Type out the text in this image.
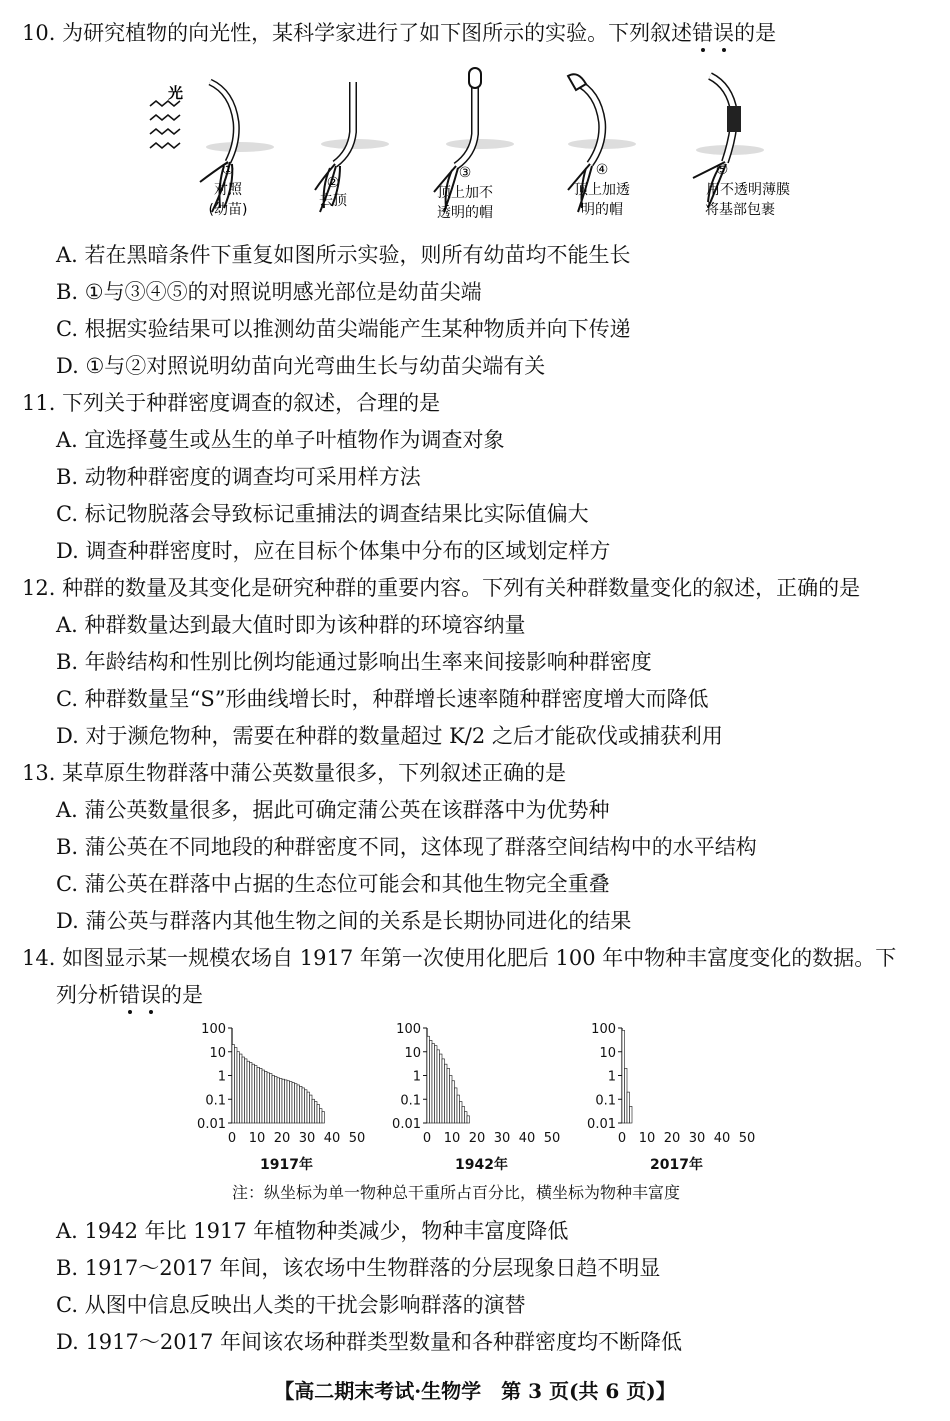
10. 为研究植物的向光性，某科学家进行了如下图所示的实验。下列叙述错误
的是
光
①
对照
(幼苗)
②
去顶
③
顶上加不
透明的帽
④
顶上加透
明的帽
⑤
用不透明薄膜
将基部包裹
A. 若在黑暗条件下重复如图所示实验，则所有幼苗均不能生长
B. ①与③④⑤的对照说明感光部位是幼苗尖端
C. 根据实验结果可以推测幼苗尖端能产生某种物质并向下传递
D. ①与②对照说明幼苗向光弯曲生长与幼苗尖端有关
11. 下列关于种群密度调查的叙述，合理的是
A. 宜选择蔓生或丛生的单子叶植物作为调查对象
B. 动物种群密度的调查均可采用样方法
C. 标记物脱落会导致标记重捕法的调查结果比实际值偏大
D. 调查种群密度时，应在目标个体集中分布的区域划定样方
12. 种群的数量及其变化是研究种群的重要内容。下列有关种群数量变化的叙述，正确的是
A. 种群数量达到最大值时即为该种群的环境容纳量
B. 年龄结构和性别比例均能通过影响出生率来间接影响种群密度
C. 种群数量呈“S”形曲线增长时，种群增长速率随种群密度增大而降低
D. 对于濒危物种，需要在种群的数量超过 K/2 之后才能砍伐或捕获利用
13. 某草原生物群落中蒲公英数量很多，下列叙述正确的是
A. 蒲公英数量很多，据此可确定蒲公英在该群落中为优势种
B. 蒲公英在不同地段的种群密度不同，这体现了群落空间结构中的水平结构
C. 蒲公英在群落中占据的生态位可能会和其他生物完全重叠
D. 蒲公英与群落内其他生物之间的关系是长期协同进化的结果
14. 如图显示某一规模农场自 1917 年第一次使用化肥后 100 年中物种丰富度变化的数据。下
列分析错误
的是
100
10
1
0.1
0.01
0 10 20 30 40 50
1917年
100
10
1
0.1
0.01
0 10 20 30 40 50
1942年
100
10
1
0.1
0.01
0 10 20 30 40 50
2017年
注：纵坐标为单一物种总干重所占百分比，横坐标为物种丰富度
A. 1942 年比 1917 年植物种类减少，物种丰富度降低
B. 1917～2017 年间，该农场中生物群落的分层现象日趋不明显
C. 从图中信息反映出人类的干扰会影响群落的演替
D. 1917～2017 年间该农场种群类型数量和各种群密度均不断降低
【高二期末考试·生物学　第 3 页(共 6 页)】
